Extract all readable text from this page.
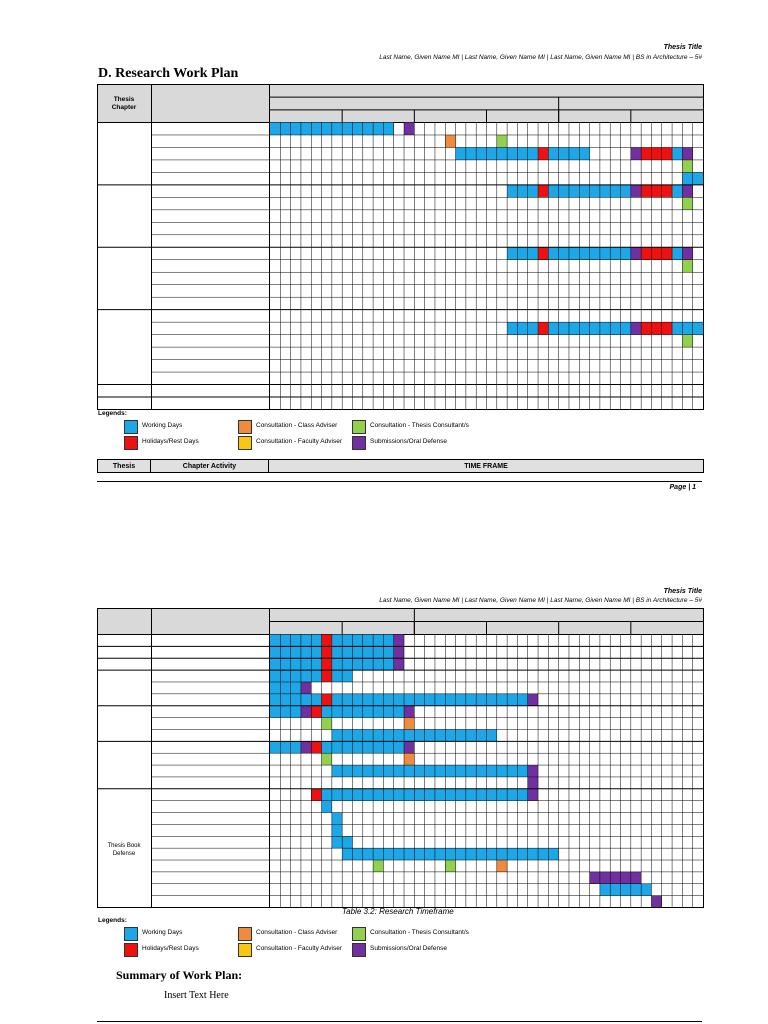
Thesis Title
Last Name, Given Name MI | Last Name, Given Name MI | Last Name, Given Name MI | BS in Architecture – 5#
D. Research Work Plan
Thesis
Chapter
Legends:
Working Days
Holidays/Rest Days
Consultation - Class Adviser
Consultation - Faculty Adviser
Consultation - Thesis Consultant/s
Submissions/Oral Defense
Thesis	Chapter Activity	TIME FRAME
Page | 1
Thesis Title
Last Name, Given Name MI | Last Name, Given Name MI | Last Name, Given Name MI | BS in Architecture – 5#
Thesis Book
Defense
Table 3.2: Research Timeframe
Legends:
Working Days
Holidays/Rest Days
Consultation - Class Adviser
Consultation - Faculty Adviser
Consultation - Thesis Consultant/s
Submissions/Oral Defense
Summary of Work Plan:
Insert Text Here
